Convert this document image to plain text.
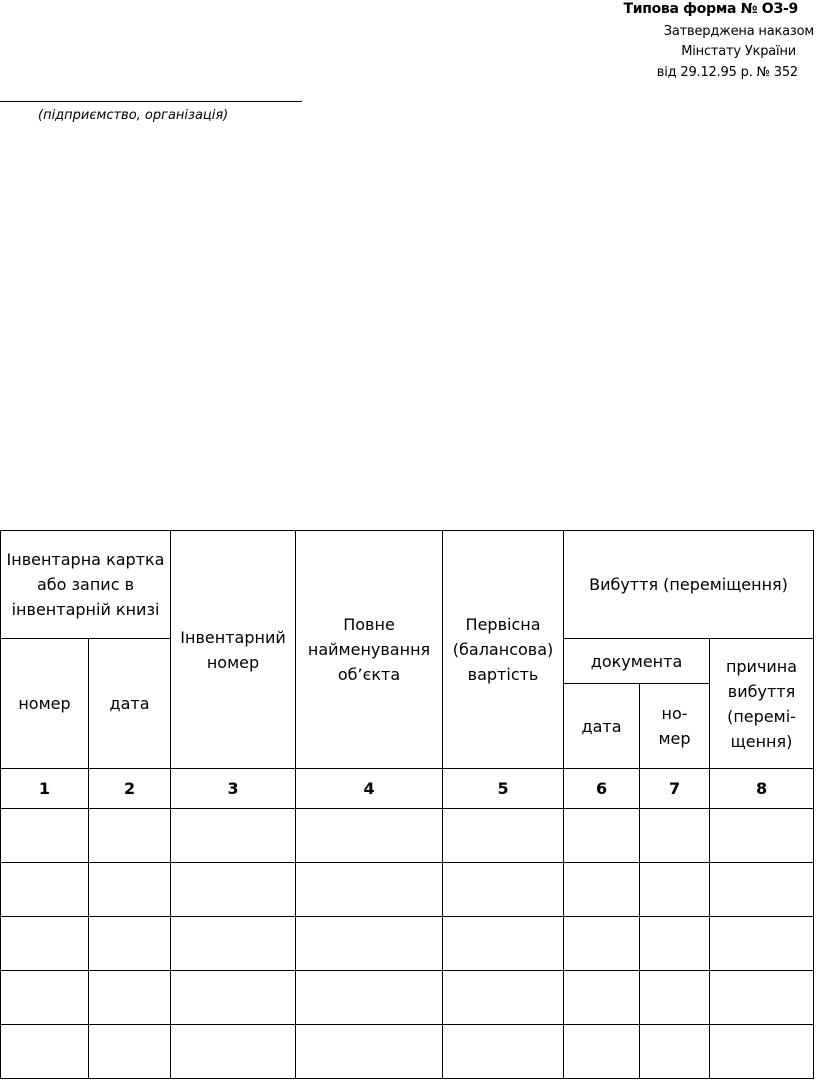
Типова форма № ОЗ-9

Затверджена наказом
Мінстату України
від 29.12.95 р. № 352

(підприємство, організація)

Інвентарна картка або запис в інвентарній книзі		Інвентарний номер	Повне найменування об’єкта	Первісна (балансова) вартість	Вибуття (переміщення)		
номер	дата				документа		причина вибуття (перемі-щення)
					дата	но-мер	
1	2	3	4	5	6	7	8
